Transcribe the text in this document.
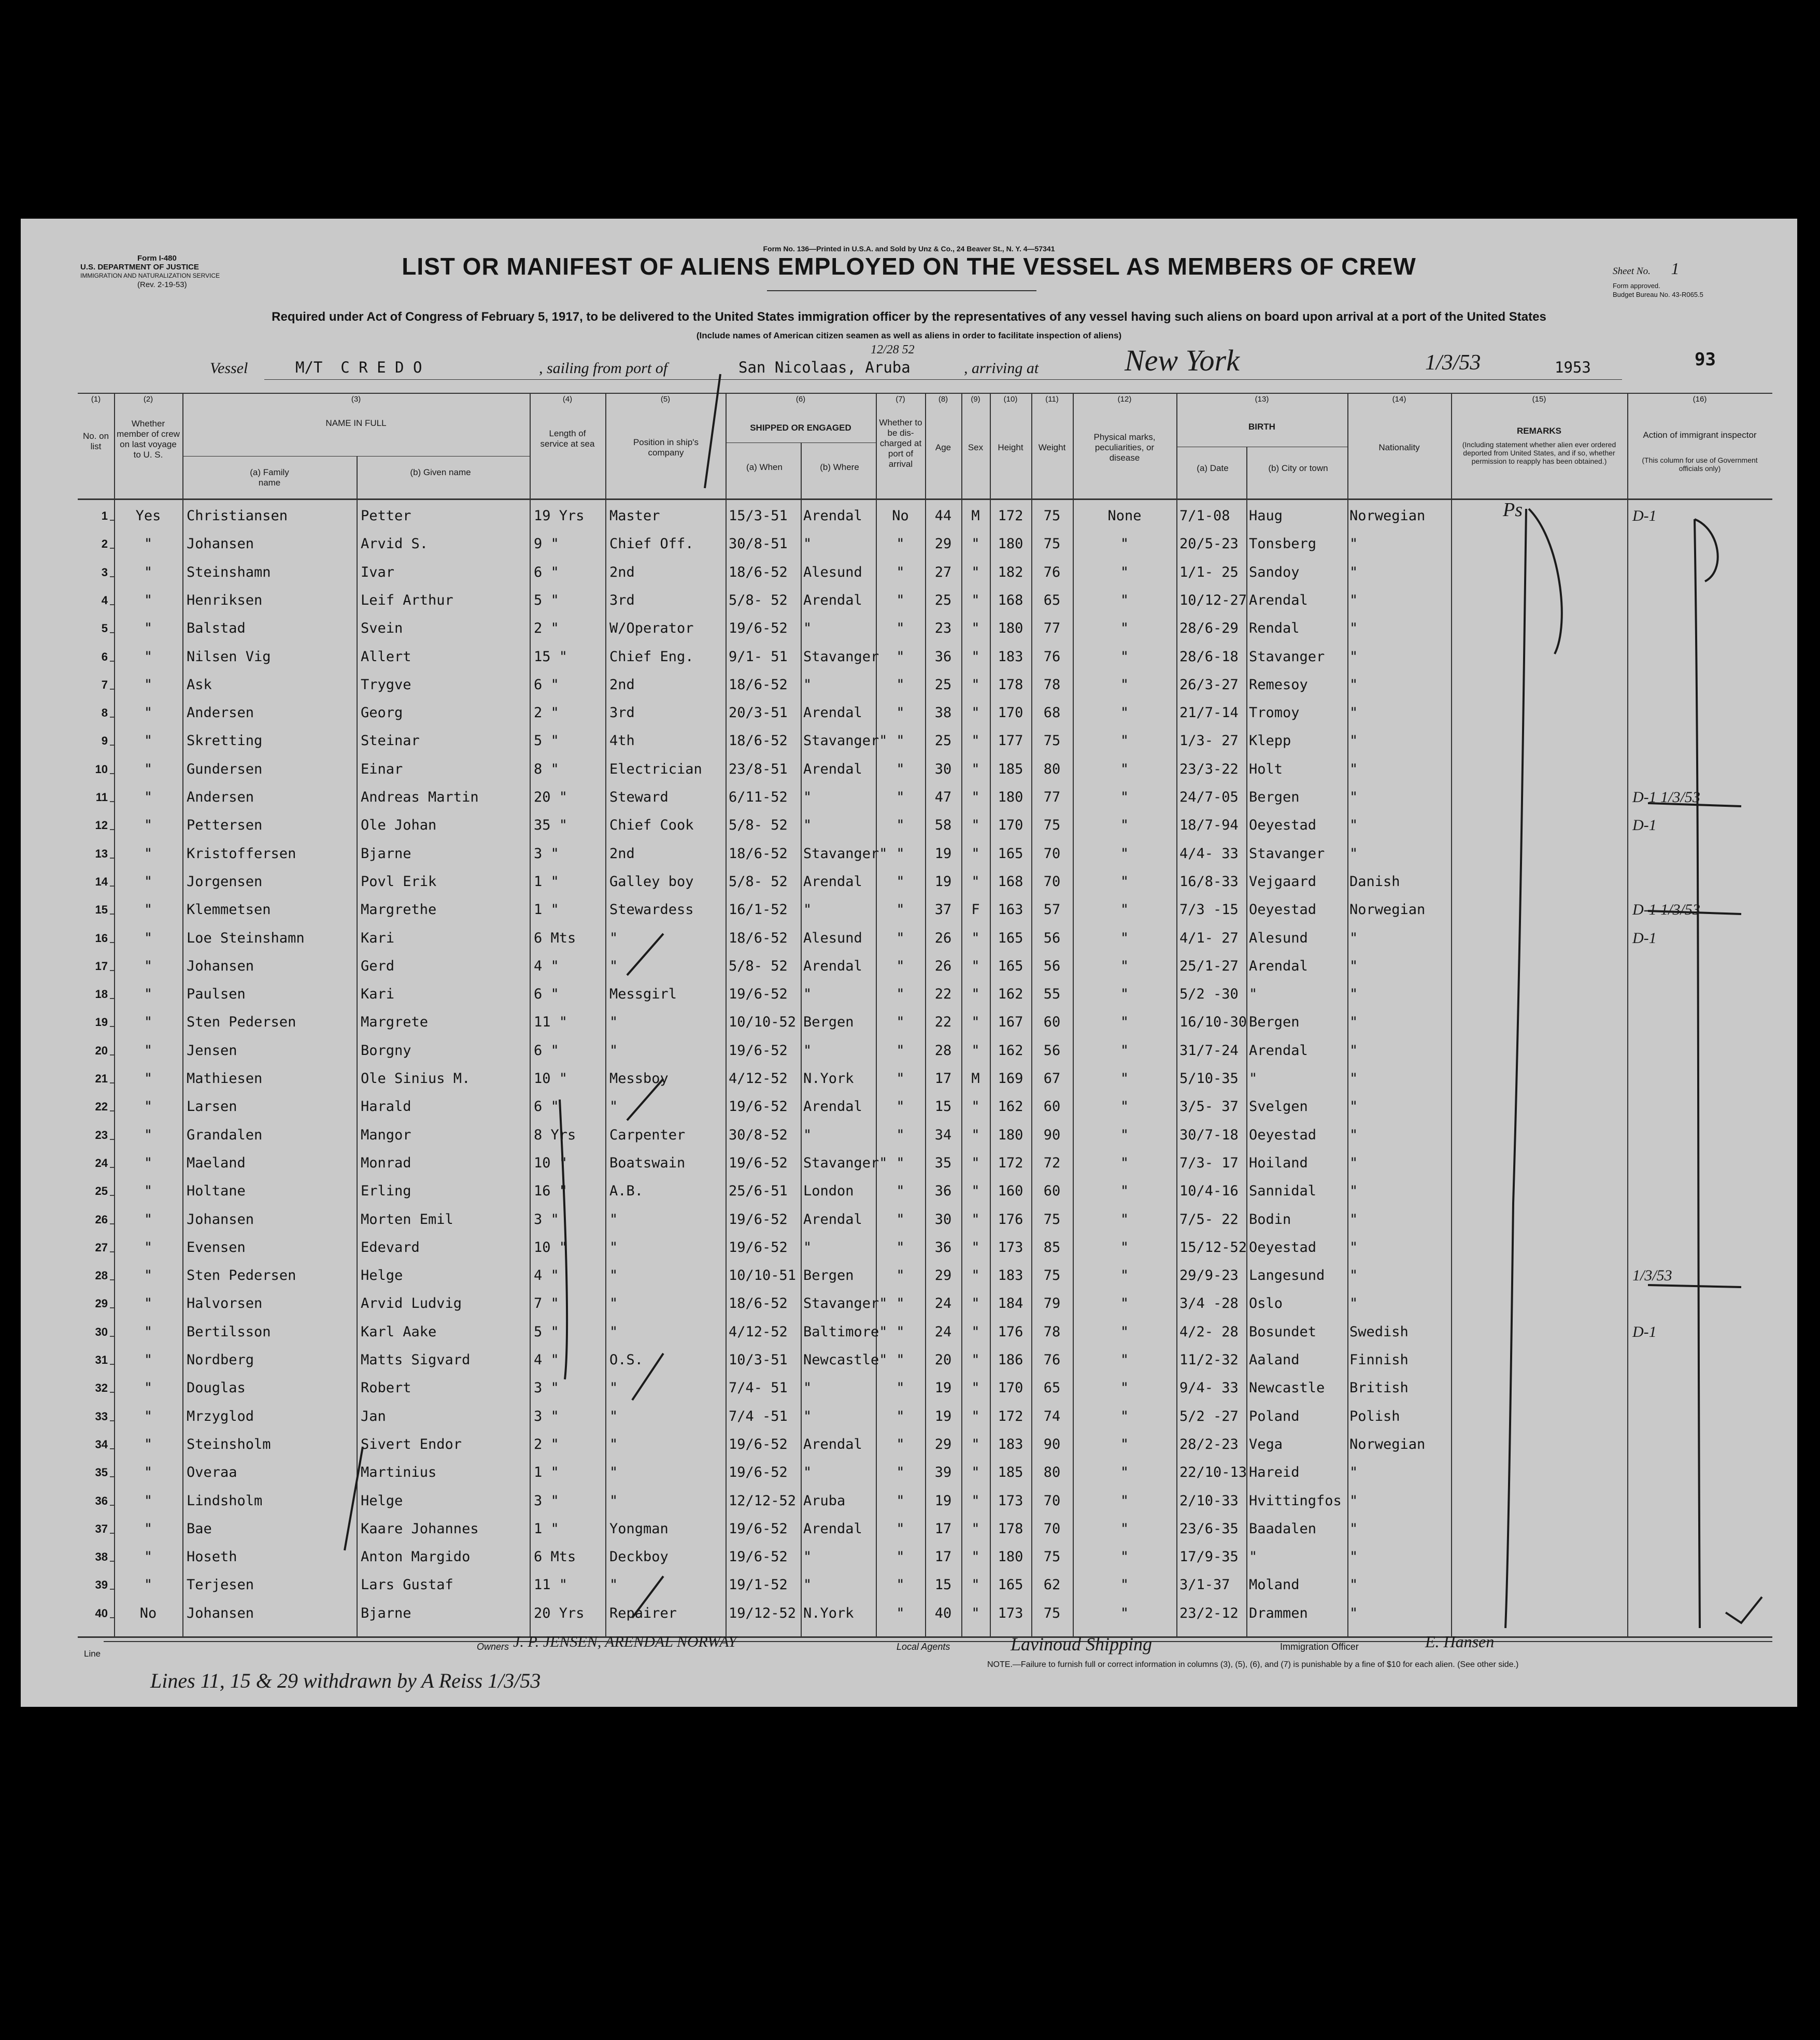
Form I-480
U.S. DEPARTMENT OF JUSTICE
IMMIGRATION AND NATURALIZATION SERVICE
(Rev. 2-19-53)
Form No. 136—Printed in U.S.A. and Sold by Unz & Co., 24 Beaver St., N. Y. 4—57341
LIST OR MANIFEST OF ALIENS EMPLOYED ON THE VESSEL AS MEMBERS OF CREW
Required under Act of Congress of February 5, 1917, to be delivered to the United States immigration officer by the representatives of any vessel having such aliens on board upon arrival at a port of the United States
(Include names of American citizen seamen as well as aliens in order to facilitate inspection of aliens)
Sheet No. 1
Form approved.
Budget Bureau No. 43-R065.5
93
Vessel	M/T  C R E D O	, sailing from port of	San Nicolaas, Aruba
12/28 52
, arriving at	New York	1/3/53	1953
(1)	(2)	(3)	(4)	(5)	(6)	(7)	(8)	(9)	(10)	(11)	(12)	(13)	(14)	(15)	(16)
No. on list
Whether member of crew on last voyage to U. S.
NAME IN FULL
(a) Family name
(b) Given name
Length of service at sea	Position in ship's company
SHIPPED OR ENGAGED
(a) When	(b) Where
Whether to be dis-charged at port of arrival
Age	Sex	Height	Weight
Physical marks, peculiarities, or disease
BIRTH
(a) Date	(b) City or town
Nationality
REMARKS
(Including statement whether alien ever ordered deported from United States, and if so, whether permission to reapply has been obtained.)
Action of immigrant inspector
(This column for use of Government officials only)
1	Yes	Christiansen	Petter	19 Yrs	Master	15/3-51	Arendal	No	44	M	172	75	None	7/1-08	Haug	Norwegian	D-1
2	"	Johansen	Arvid S.	9 "	Chief Off.	30/8-51	"	"	29	"	180	75	"	20/5-23 Tonsberg	"
3	"	Steinshamn	Ivar	6 "	2nd	18/6-52	Alesund	"	27	"	182	76	"	1/1- 25 Sandoy	"
4	"	Henriksen	Leif Arthur	5 "	3rd	5/8- 52	Arendal	"	25	"	168	65	"	10/12-27 Arendal	"
5	"	Balstad	Svein	2 "	W/Operator	19/6-52	"	"	23	"	180	77	"	28/6-29 Rendal	"
6	"	Nilsen Vig	Allert	15 "	Chief Eng.	9/1- 51	Stavanger	"	36	"	183	76	"	28/6-18 Stavanger	"
7	"	Ask	Trygve	6 "	2nd	18/6-52	"	"	25	"	178	78	"	26/3-27 Remesoy	"
8	"	Andersen	Georg	2 "	3rd	20/3-51	Arendal	"	38	"	170	68	"	21/7-14 Tromoy	"
9	"	Skretting	Steinar	5 "	4th	18/6-52	Stavanger" "	25	"	177	75	"	1/3- 27 Klepp	"
10	"	Gundersen	Einar	8 "	Electrician	23/8-51	Arendal	"	30	"	185	80	"	23/3-22 Holt	"
11	"	Andersen	Andreas Martin	20 "	Steward	6/11-52	"	"	47	"	180	77	"	24/7-05 Bergen	"	D-1 1/3/53
12	"	Pettersen	Ole Johan	35 "	Chief Cook	5/8- 52	"	"	58	"	170	75	"	18/7-94 Oeyestad	"	D-1
13	"	Kristoffersen	Bjarne	3 "	2nd	18/6-52	Stavanger" "	19	"	165	70	"	4/4- 33 Stavanger	"
14	"	Jorgensen	Povl Erik	1 "	Galley boy	5/8- 52	Arendal	"	19	"	168	70	"	16/8-33 Vejgaard	Danish
15	"	Klemmetsen	Margrethe	1 "	Stewardess	16/1-52	"	"	37	F	163	57	"	7/3 -15 Oeyestad	Norwegian	D-1 1/3/53
16	"	Loe Steinshamn	Kari	6 Mts	"	18/6-52	Alesund	"	26	"	165	56	"	4/1- 27 Alesund	"	D-1
17	"	Johansen	Gerd	4 "	"	5/8- 52	Arendal	"	26	"	165	56	"	25/1-27 Arendal	"
18	"	Paulsen	Kari	6 "	Messgirl	19/6-52	"	"	22	"	162	55	"	5/2 -30 "	"
19	"	Sten Pedersen	Margrete	11 "	"	10/10-52 Bergen	"	22	"	167	60	"	16/10-30 Bergen	"
20	"	Jensen	Borgny	6 "	"	19/6-52	"	"	28	"	162	56	"	31/7-24 Arendal	"
21	"	Mathiesen	Ole Sinius M.	10 "	Messboy	4/12-52	N.York	"	17	M	169	67	"	5/10-35 "	"
22	"	Larsen	Harald	6 "	"	19/6-52	Arendal	"	15	"	162	60	"	3/5- 37 Svelgen	"
23	"	Grandalen	Mangor	8 Yrs	Carpenter	30/8-52	"	"	34	"	180	90	"	30/7-18 Oeyestad	"
24	"	Maeland	Monrad	10 "	Boatswain	19/6-52	Stavanger" "	35	"	172	72	"	7/3- 17 Hoiland	"
25	"	Holtane	Erling	16 "	A.B.	25/6-51	London	"	36	"	160	60	"	10/4-16 Sannidal	"
26	"	Johansen	Morten Emil	3 "	"	19/6-52	Arendal	"	30	"	176	75	"	7/5- 22 Bodin	"
27	"	Evensen	Edevard	10 "	"	19/6-52	"	"	36	"	173	85	"	15/12-52 Oeyestad	"
28	"	Sten Pedersen	Helge	4 "	"	10/10-51 Bergen	"	29	"	183	75	"	29/9-23 Langesund	"	1/3/53
29	"	Halvorsen	Arvid Ludvig	7 "	"	18/6-52	Stavanger" "	24	"	184	79	"	3/4 -28 Oslo	"
30	"	Bertilsson	Karl Aake	5 "	"	4/12-52	Baltimore" "	24	"	176	78	"	4/2- 28 Bosundet	Swedish	D-1
31	"	Nordberg	Matts Sigvard	4 "	O.S.	10/3-51	Newcastle" "	20	"	186	76	"	11/2-32 Aaland	Finnish
32	"	Douglas	Robert	3 "	"	7/4- 51	"	"	19	"	170	65	"	9/4- 33 Newcastle	British
33	"	Mrzyglod	Jan	3 "	"	7/4 -51	"	"	19	"	172	74	"	5/2 -27 Poland	Polish
34	"	Steinsholm	Sivert Endor	2 "	"	19/6-52	Arendal	"	29	"	183	90	"	28/2-23 Vega	Norwegian
35	"	Overaa	Martinius	1 "	"	19/6-52	"	"	39	"	185	80	"	22/10-13 Hareid	"
36	"	Lindsholm	Helge	3 "	"	12/12-52 Aruba	"	19	"	173	70	"	2/10-33 Hvittingfos "
37	"	Bae	Kaare Johannes	1 "	Yongman	19/6-52	Arendal	"	17	"	178	70	"	23/6-35 Baadalen	"
38	"	Hoseth	Anton Margido	6 Mts	Deckboy	19/6-52	"	"	17	"	180	75	"	17/9-35 "	"
39	"	Terjesen	Lars Gustaf	11 "	"	19/1-52	"	"	15	"	165	62	"	3/1-37	Moland	"
40	No	Johansen	Bjarne	20 Yrs	Repairer	19/12-52 N.York	"	40	"	173	75	"	23/2-12 Drammen	"
Ps
Line
Owners J. P. JENSEN, ARENDAL NORWAY	Local Agents	Lavinoud Shipping	Immigration Officer	E. Hansen
NOTE.—Failure to furnish full or correct information in columns (3), (5), (6), and (7) is punishable by a fine of $10 for each alien. (See other side.)
Lines 11, 15 & 29 withdrawn by A Reiss 1/3/53
